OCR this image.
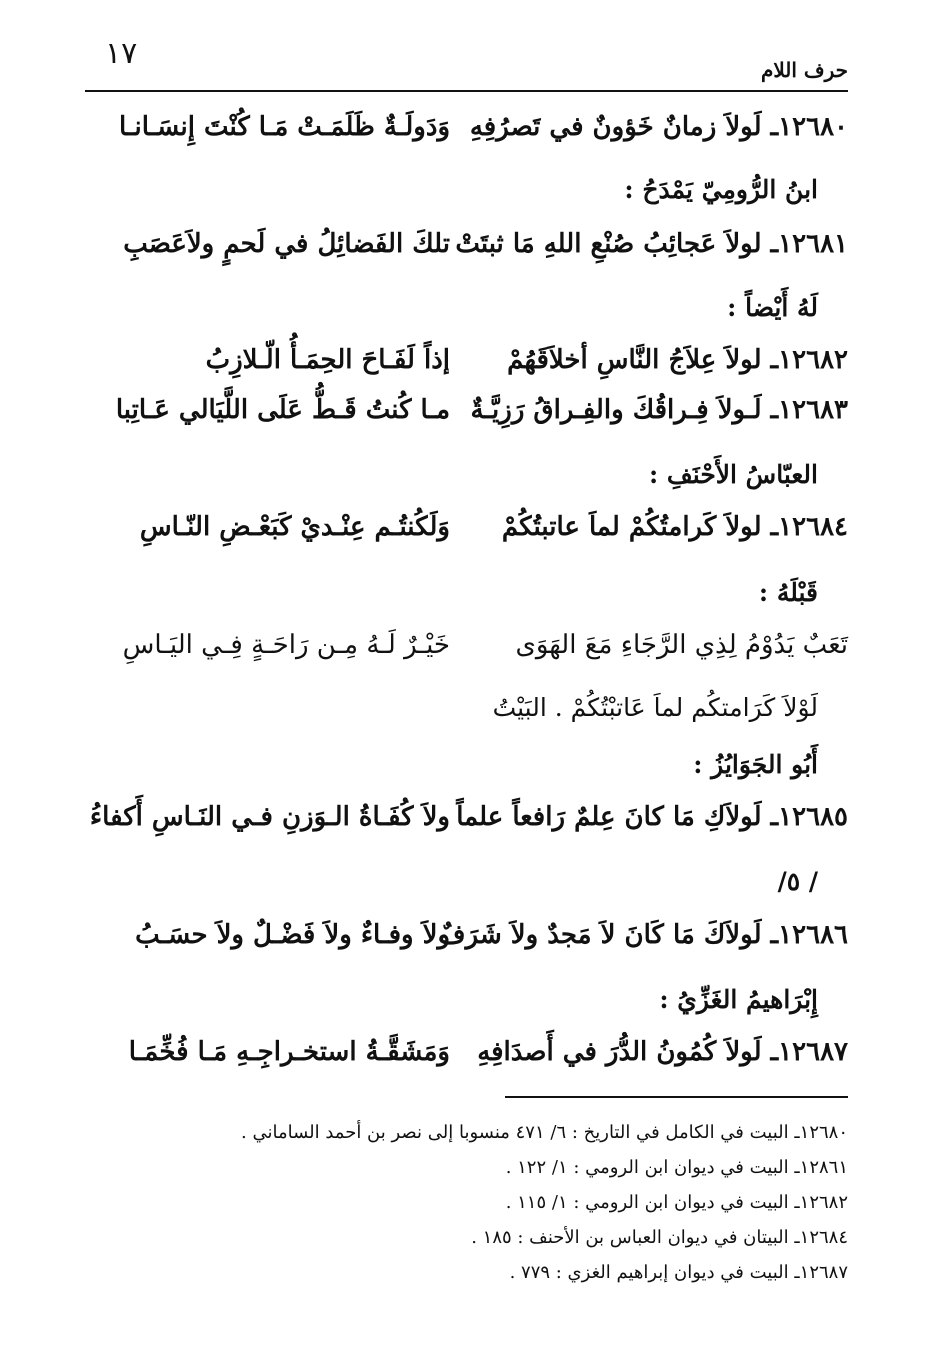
حرف اللام
١٧
١٢٦٨٠ـ لَولاَ زمانٌ خَؤونٌ في تَصرُفِهِ
وَدَولَـةٌ ظَلَمَـتْ مَـا كُنْتَ إِنسَـانـا
ابنُ الرُّومِيّ يَمْدَحُ :
١٢٦٨١ـ لولاَ عَجائِبُ صُنْعِ اللهِ مَا ثبتَتْ
تلكَ الفَضائِلُ في لَحمٍ ولاَعَصَبِ
لَهُ أَيْضاً :
١٢٦٨٢ـ لولاَ عِلاَجُ النَّاسِ أخلاَقَهُمْ
إذاً لَفَـاحَ الحِمَـأُ الّـلازِبُ
١٢٦٨٣ـ لَـولاَ فِـراقُكَ والفِـراقُ رَزِيَّـةٌ
مـا كُنتُ قَـطُّ عَلَى اللَّيَالي عَـاتِبا
العبّاسُ الأَحْنَفِ :
١٢٦٨٤ـ لولاَ كَرامتُكُمْ لماَ عاتبتُكُمْ
وَلَكُنتُـم عِنْـديْ كَبَعْـضِ النّـاسِ
قَبْلَهُ :
تَعَبٌ يَدُوْمُ لِذِي الرَّجَاءِ مَعَ الهَوَى
خَيْـرٌ لَـهُ مِـن رَاحَـةٍ فِـي اليَـاسِ
لَوْلاَ كَرَامتكُم لماَ عَاتبْتُكُمْ . البَيْتُ
أَبُو الجَوَايُزُ :
١٢٦٨٥ـ لَولاَكِ مَا كانَ عِلمٌ رَافعاً علماً
ولاَ كُفَـاةُ الـوَزنِ فـي النَـاسِ أَكفاءُ
/ ٥/
١٢٦٨٦ـ لَولاَكَ مَا كَانَ لاَ مَجدٌ ولاَ شَرَفٌ
ولاَ وفـاءٌ ولاَ فَضْـلٌ ولاَ حسَـبُ
إِبْرَاهيمُ الغَزِّيُ :
١٢٦٨٧ـ لَولاَ كُمُونُ الدُّرَ في أَصدَافِهِ
وَمَشَقَّـةُ استخـراجِـهِ مَـا فُخِّمَـا
١٢٦٨٠ـ البيت في الكامل في التاريخ : ٦/ ٤٧١ منسوبا إلى نصر بن أحمد الساماني .
١٢٨٦١ـ البيت في ديوان ابن الرومي : ١/ ١٢٢ .
١٢٦٨٢ـ البيت في ديوان ابن الرومي : ١/ ١١٥ .
١٢٦٨٤ـ البيتان في ديوان العباس بن الأحنف : ١٨٥ .
١٢٦٨٧ـ البيت في ديوان إبراهيم الغزي : ٧٧٩ .
